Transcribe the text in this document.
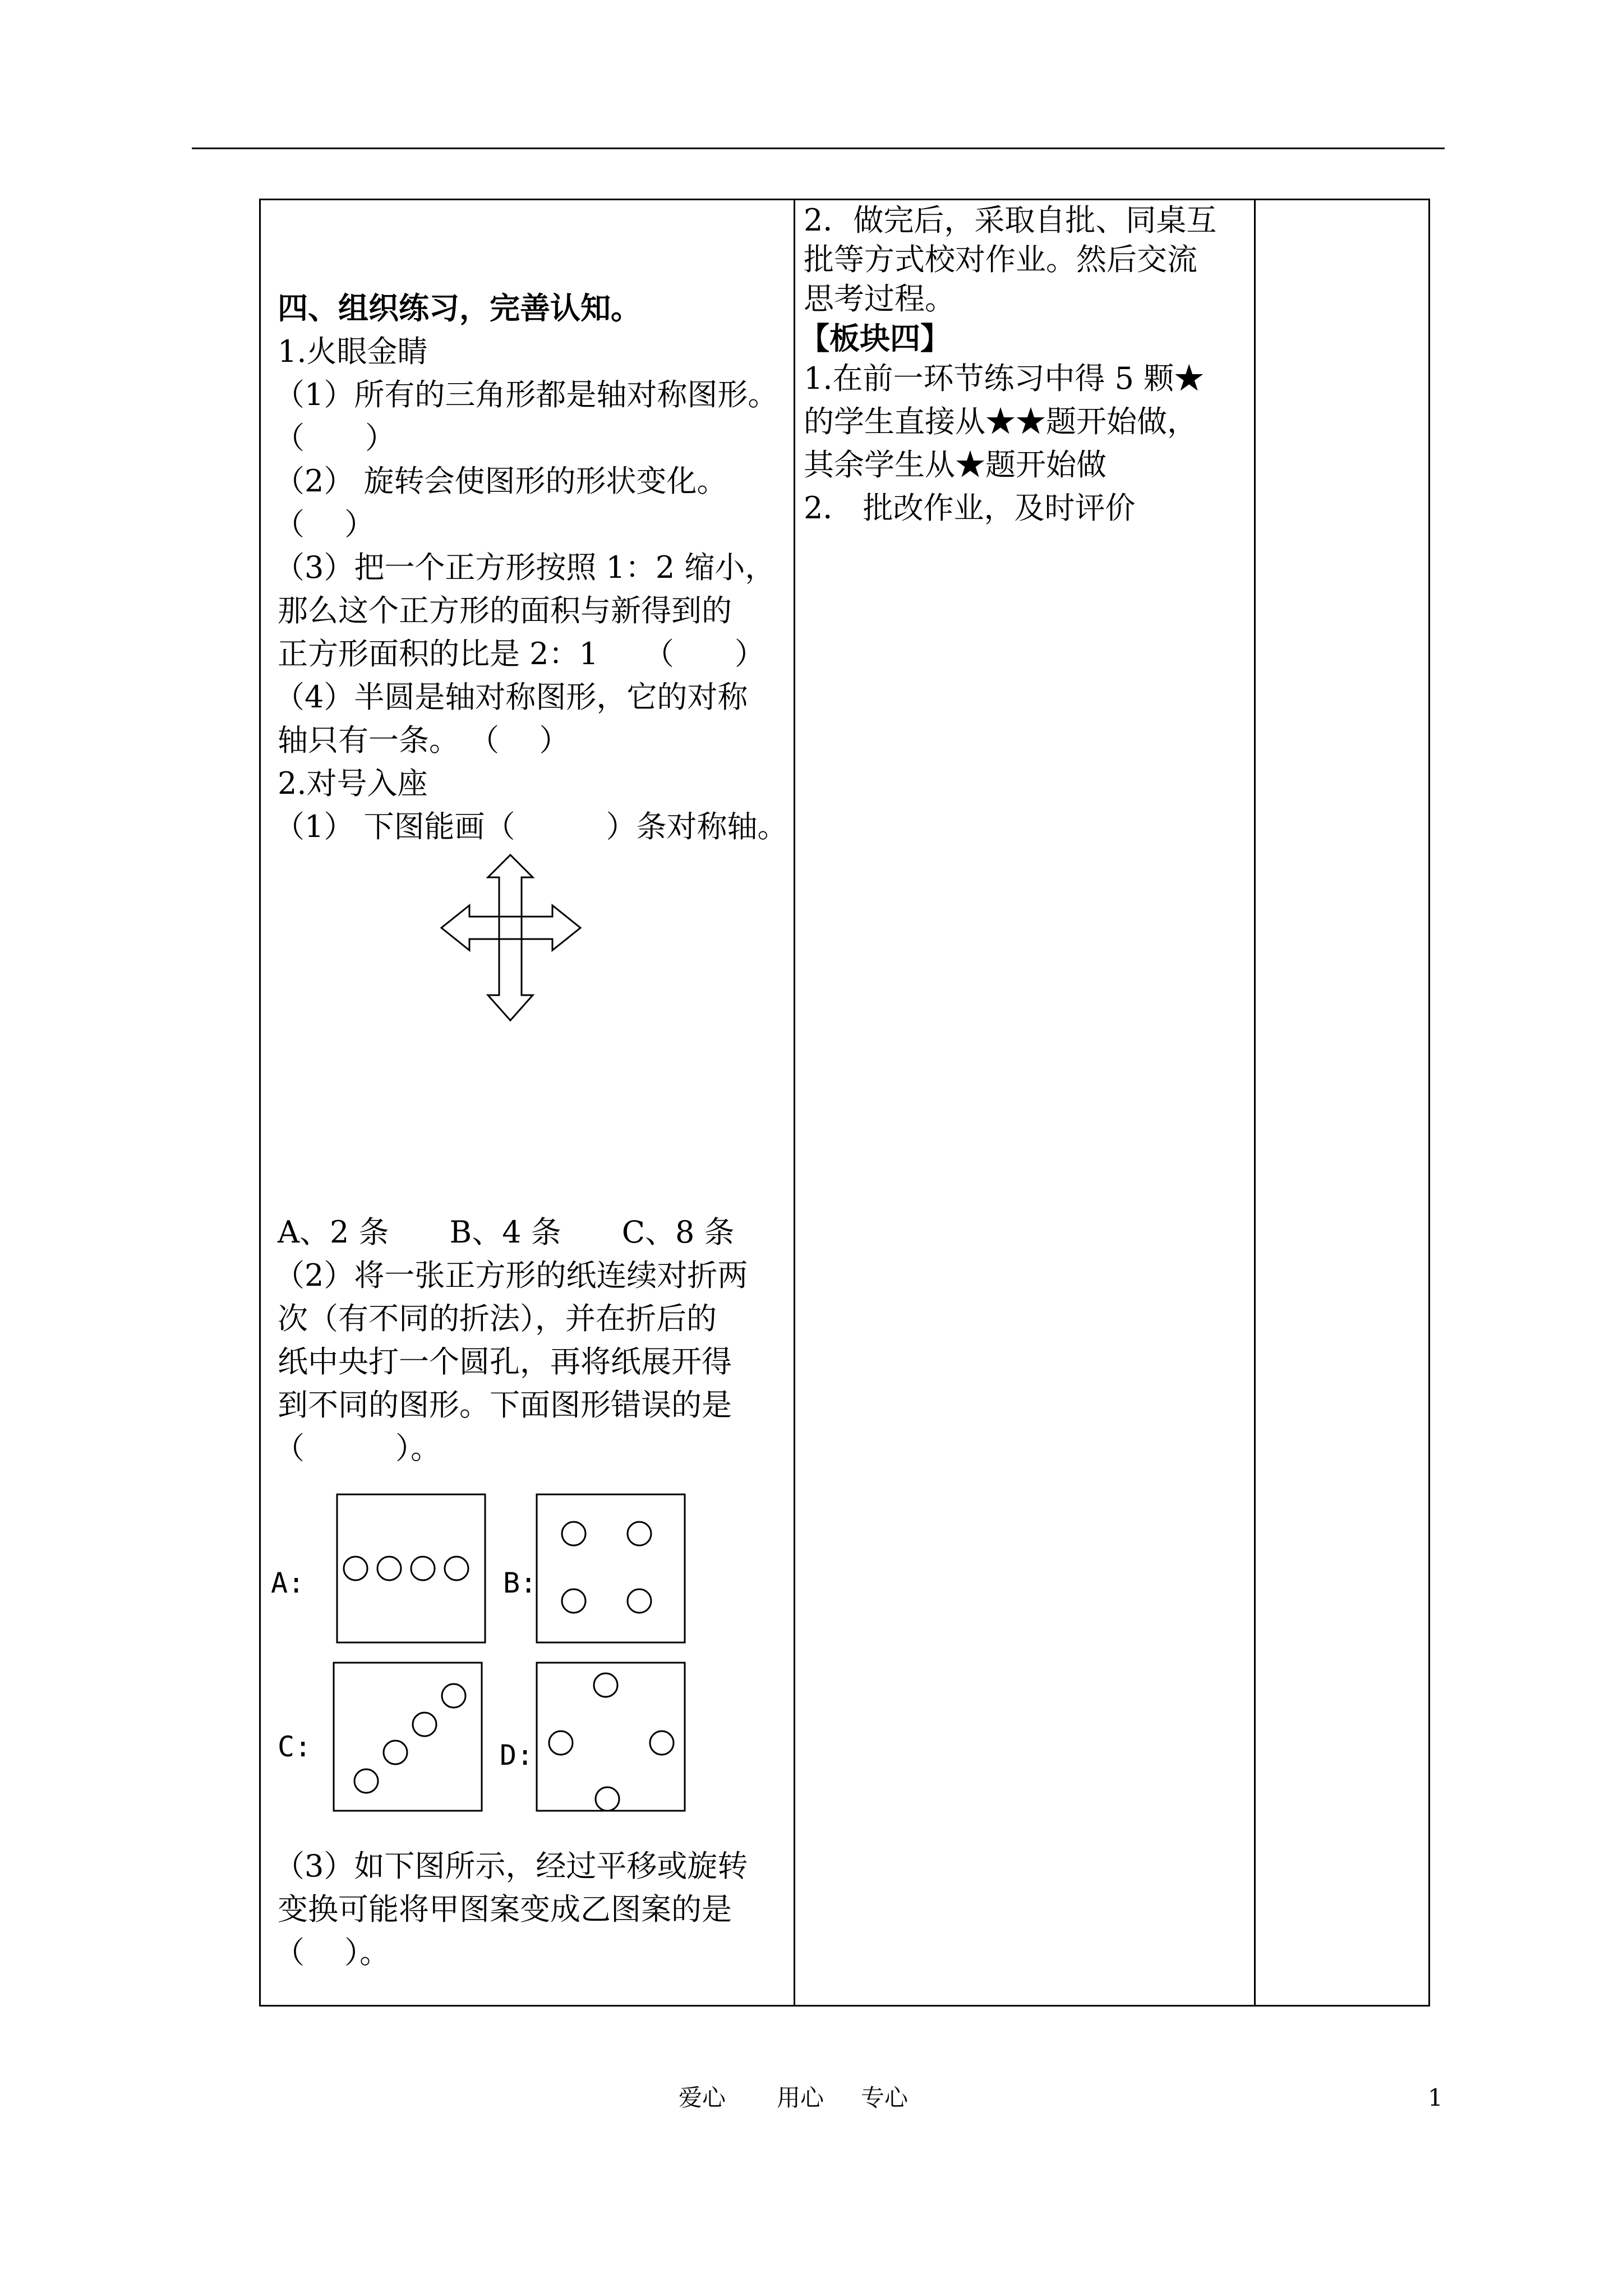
四、组织练习，完善认知。
1.火眼金睛
（1）所有的三角形都是轴对称图形。
（　　）
（2） 旋转会使图形的形状变化。
（　 ）
（3）把一个正方形按照 1：2 缩小，
那么这个正方形的面积与新得到的
正方形面积的比是 2：1　　（　　）
（4）半圆是轴对称图形，它的对称
轴只有一条。 （　 ）
2.对号入座
（1） 下图能画（　　　）条对称轴。
A、2 条　　B、4 条　　C、8 条
（2）将一张正方形的纸连续对折两
次（有不同的折法），并在折后的
纸中央打一个圆孔，再将纸展开得
到不同的图形。下面图形错误的是
（　　　）。
A:	B:
C:	D:
（3）如下图所示，经过平移或旋转
变换可能将甲图案变成乙图案的是
（　 ）。
2．做完后，采取自批、同桌互
批等方式校对作业。然后交流
思考过程。
【板块四】
1.在前一环节练习中得 5 颗★
的学生直接从★★题开始做，
其余学生从★题开始做
2． 批改作业，及时评价
爱心 用心 专心	1
